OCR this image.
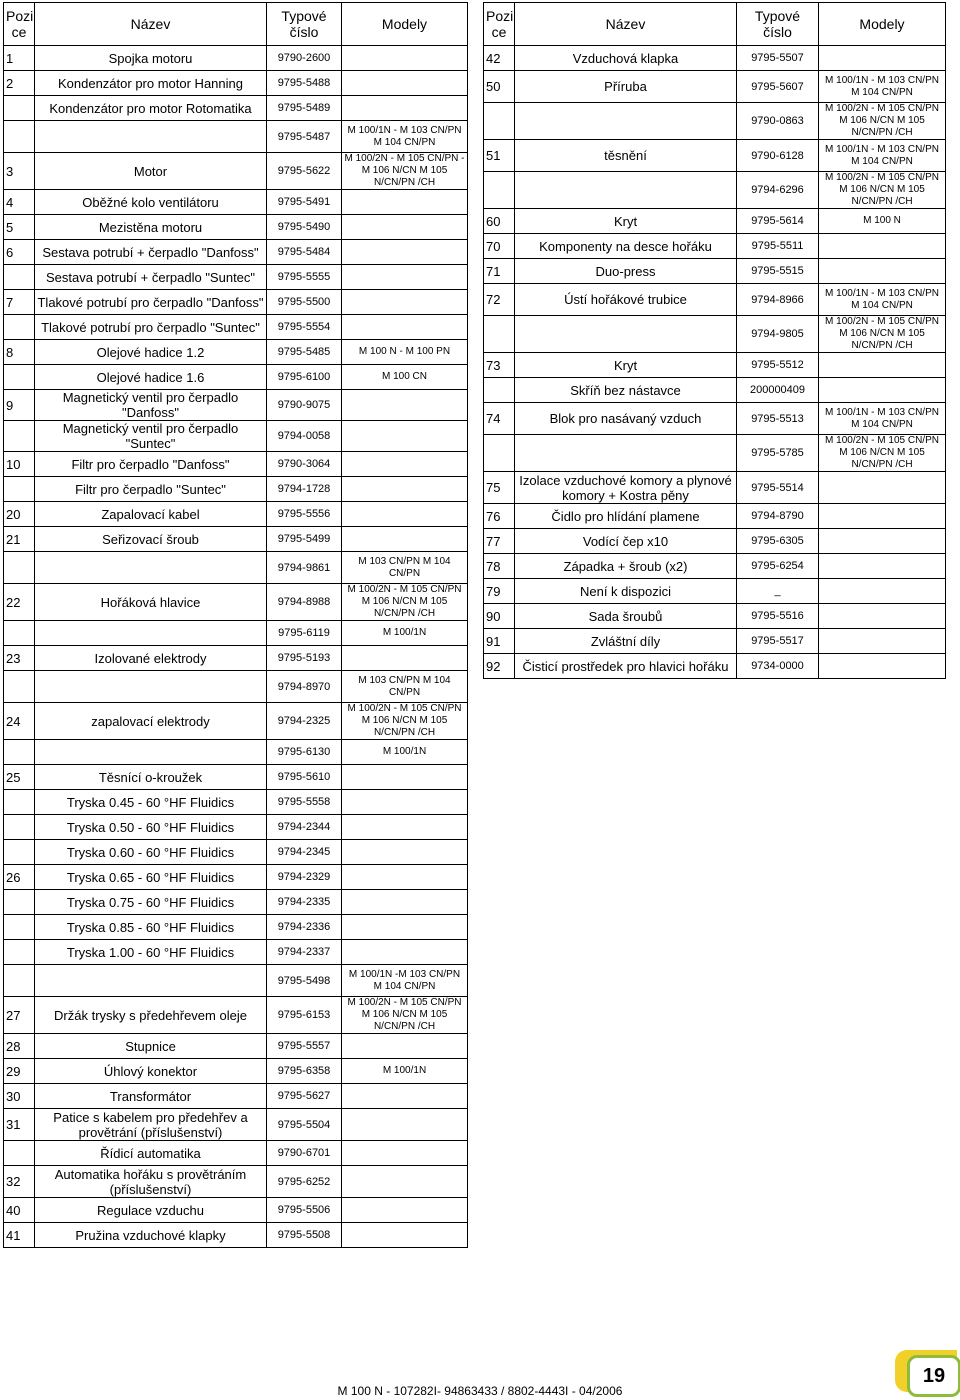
Pozi ce	Název	Typové číslo	Modely
1	Spojka motoru	9790-2600	
2	Kondenzátor pro motor Hanning	9795-5488	
	Kondenzátor pro motor Rotomatika	9795-5489	
		9795-5487	M 100/1N - M 103 CN/PN M 104 CN/PN
3	Motor	9795-5622	M 100/2N - M 105 CN/PN - M 106 N/CN M 105 N/CN/PN /CH
4	Oběžné kolo ventilátoru	9795-5491	
5	Mezistěna motoru	9795-5490	
6	Sestava potrubí + čerpadlo "Danfoss"	9795-5484	
	Sestava potrubí + čerpadlo "Suntec"	9795-5555	
7	Tlakové potrubí pro čerpadlo "Danfoss"	9795-5500	
	Tlakové potrubí pro čerpadlo "Suntec"	9795-5554	
8	Olejové hadice 1.2	9795-5485	M 100 N - M 100 PN
	Olejové hadice 1.6	9795-6100	M 100 CN
9	Magnetický ventil pro čerpadlo "Danfoss"	9790-9075	
	Magnetický ventil pro čerpadlo "Suntec"	9794-0058	
10	Filtr pro čerpadlo "Danfoss"	9790-3064	
	Filtr pro čerpadlo "Suntec"	9794-1728	
20	Zapalovací kabel	9795-5556	
21	Seřizovací šroub	9795-5499	
		9794-9861	M 103 CN/PN M 104 CN/PN
22	Hořáková hlavice	9794-8988	M 100/2N - M 105 CN/PN M 106 N/CN M 105 N/CN/PN /CH
		9795-6119	M 100/1N
23	Izolované elektrody	9795-5193	
		9794-8970	M 103 CN/PN M 104 CN/PN
24	zapalovací elektrody	9794-2325	M 100/2N - M 105 CN/PN M 106 N/CN M 105 N/CN/PN /CH
		9795-6130	M 100/1N
25	Těsnící o-kroužek	9795-5610	
	Tryska 0.45 - 60 °HF Fluidics	9795-5558	
	Tryska 0.50 - 60 °HF Fluidics	9794-2344	
	Tryska 0.60 - 60 °HF Fluidics	9794-2345	
26	Tryska 0.65 - 60 °HF Fluidics	9794-2329	
	Tryska 0.75 - 60 °HF Fluidics	9794-2335	
	Tryska 0.85 - 60 °HF Fluidics	9794-2336	
	Tryska 1.00 - 60 °HF Fluidics	9794-2337	
		9795-5498	M 100/1N -M 103 CN/PN M 104 CN/PN
27	Držák trysky s předehřevem oleje	9795-6153	M 100/2N - M 105 CN/PN M 106 N/CN M 105 N/CN/PN /CH
28	Stupnice	9795-5557	
29	Úhlový konektor	9795-6358	M 100/1N
30	Transformátor	9795-5627	
31	Patice s kabelem pro předehřev a provětrání (příslušenství)	9795-5504	
	Řídicí automatika	9790-6701	
32	Automatika hořáku s provětráním (příslušenství)	9795-6252	
40	Regulace vzduchu	9795-5506	
41	Pružina vzduchové klapky	9795-5508	
Pozi ce	Název	Typové číslo	Modely
42	Vzduchová klapka	9795-5507	
50	Příruba	9795-5607	M 100/1N - M 103 CN/PN M 104 CN/PN
		9790-0863	M 100/2N - M 105 CN/PN M 106 N/CN M 105 N/CN/PN /CH
51	těsnění	9790-6128	M 100/1N - M 103 CN/PN M 104 CN/PN
		9794-6296	M 100/2N - M 105 CN/PN M 106 N/CN M 105 N/CN/PN /CH
60	Kryt	9795-5614	M 100 N
70	Komponenty na desce hořáku	9795-5511	
71	Duo-press	9795-5515	
72	Ústí hořákové trubice	9794-8966	M 100/1N - M 103 CN/PN M 104 CN/PN
		9794-9805	M 100/2N - M 105 CN/PN M 106 N/CN M 105 N/CN/PN /CH
73	Kryt	9795-5512	
	Skříň bez nástavce	200000409	
74	Blok pro nasávaný vzduch	9795-5513	M 100/1N - M 103 CN/PN M 104 CN/PN
		9795-5785	M 100/2N - M 105 CN/PN M 106 N/CN M 105 N/CN/PN /CH
75	Izolace vzduchové komory a plynové komory + Kostra pěny	9795-5514	
76	Čidlo pro hlídání plamene	9794-8790	
77	Vodící čep x10	9795-6305	
78	Západka + šroub (x2)	9795-6254	
79	Není k dispozici	_	
90	Sada šroubů	9795-5516	
91	Zvláštní díly	9795-5517	
92	Čisticí prostředek pro hlavici hořáku	9734-0000	
19
M 100 N - 107282I- 94863433 / 8802-4443I - 04/2006
